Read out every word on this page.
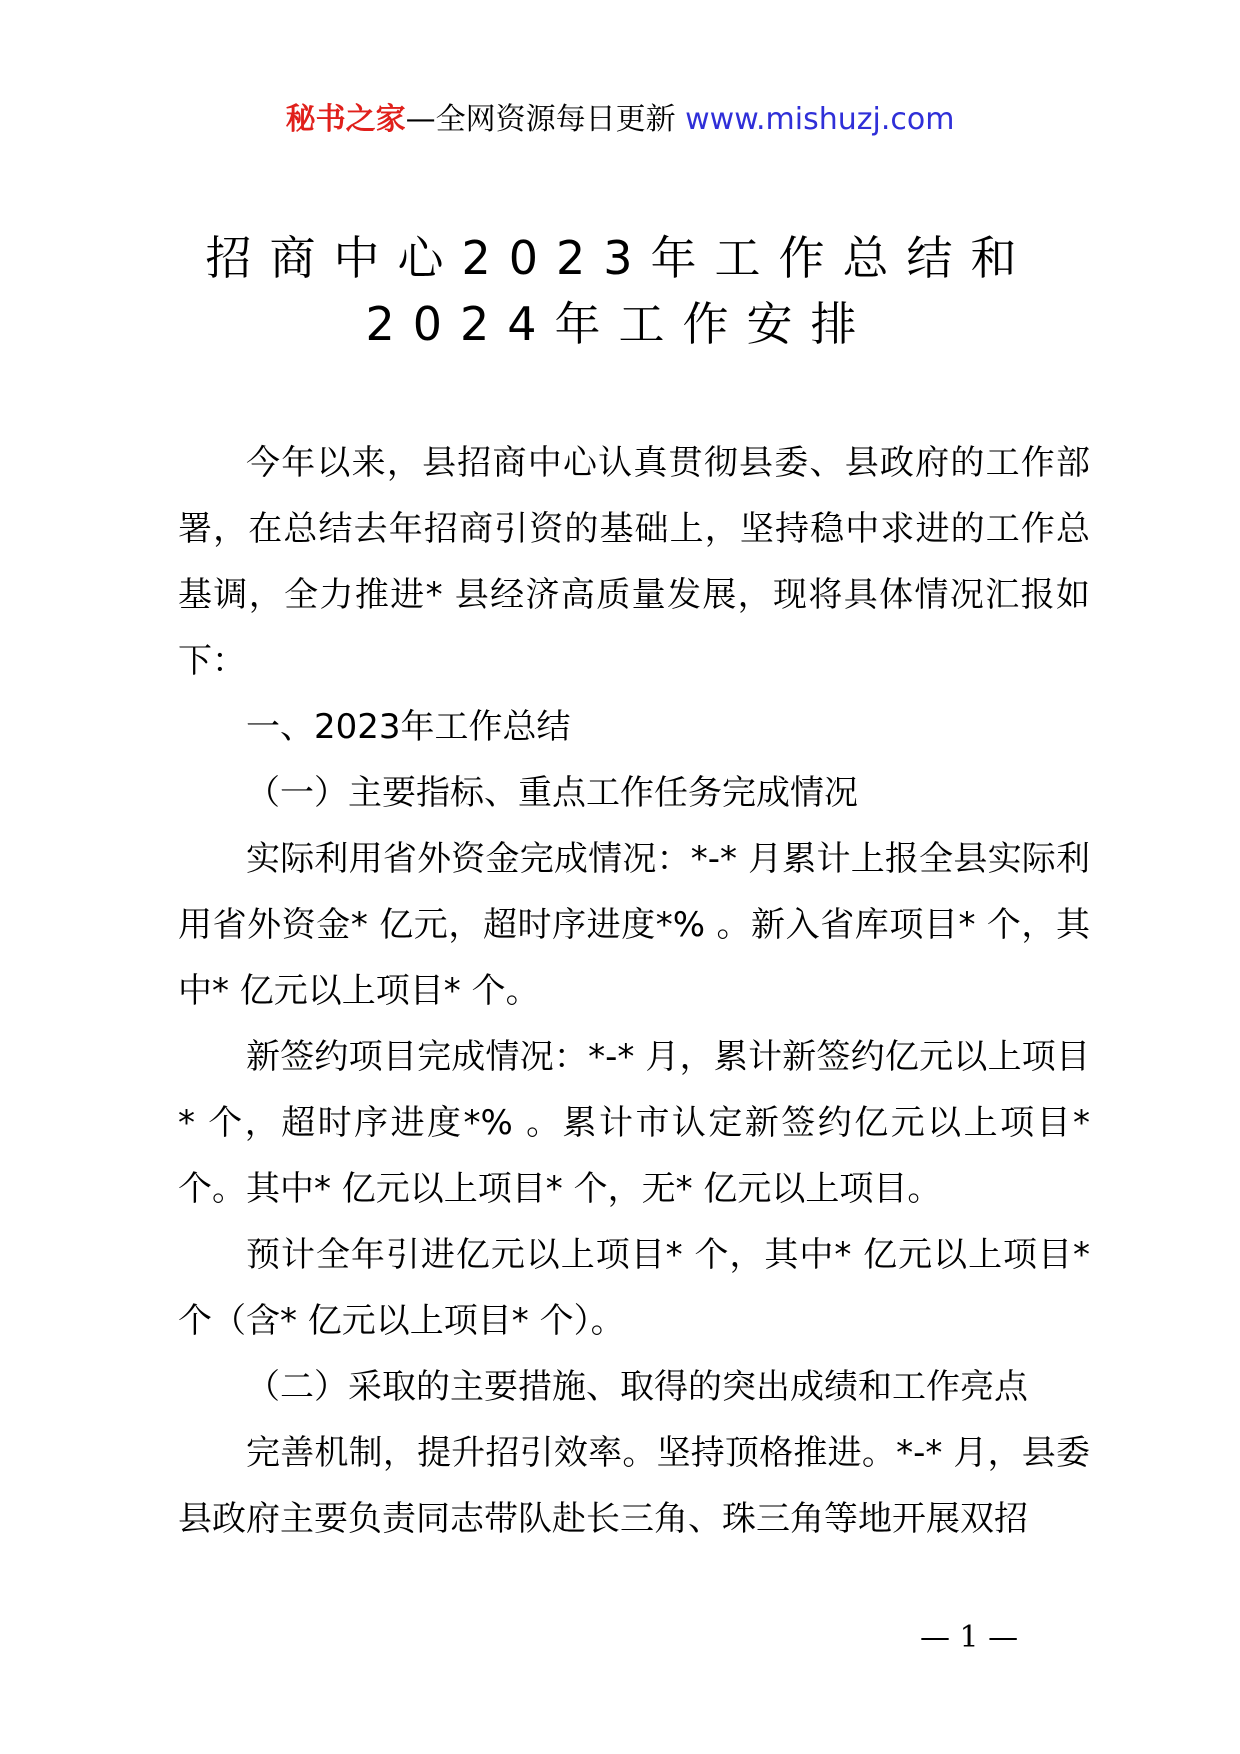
秘书之家—全网资源每日更新 www.mishuzj.com
招商中心2023年工作总结和
2024年工作安排

今年以来，县招商中心认真贯彻县委、县政府的工作部署，在总结去年招商引资的基础上，坚持稳中求进的工作总基调，全力推进* 县经济高质量发展，现将具体情况汇报如下：

一、2023年工作总结

（一）主要指标、重点工作任务完成情况

实际利用省外资金完成情况：*-* 月累计上报全县实际利用省外资金* 亿元，超时序进度*% 。新入省库项目* 个，其中* 亿元以上项目* 个。

新签约项目完成情况：*-* 月，累计新签约亿元以上项目* 个，超时序进度*% 。累计市认定新签约亿元以上项目* 个。其中* 亿元以上项目* 个，无* 亿元以上项目。

预计全年引进亿元以上项目* 个，其中* 亿元以上项目* 个（含* 亿元以上项目* 个）。

（二）采取的主要措施、取得的突出成绩和工作亮点

完善机制，提升招引效率。坚持顶格推进。*-* 月，县委县政府主要负责同志带队赴长三角、珠三角等地开展双招

— 1 —
